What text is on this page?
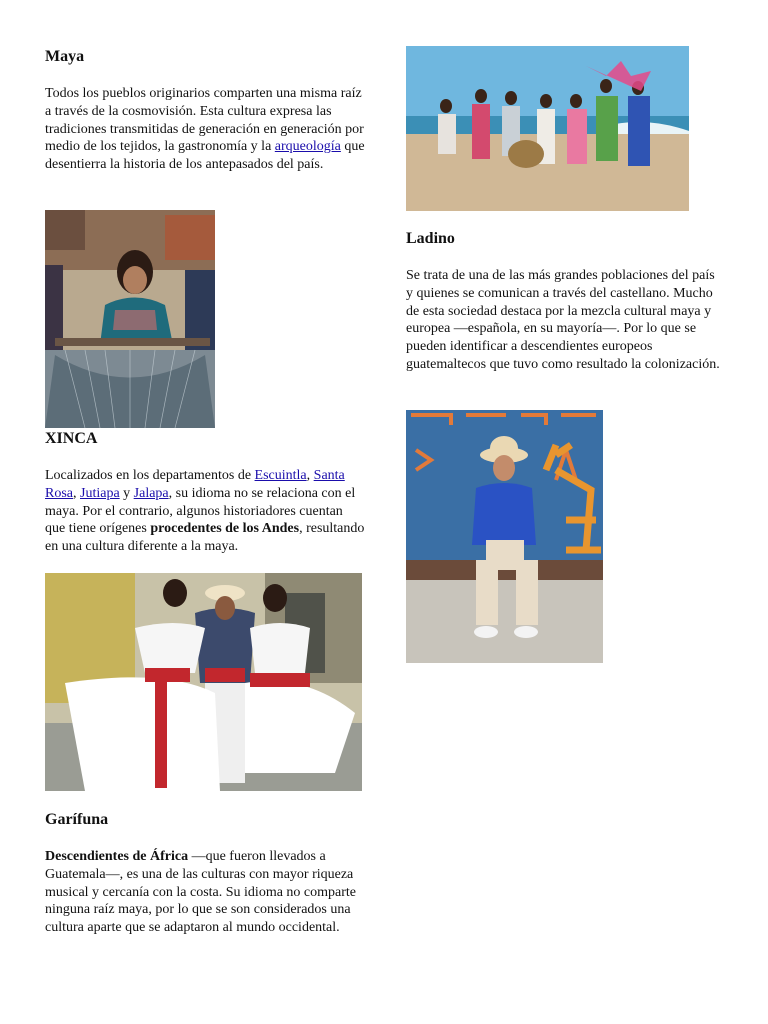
Maya

Todos los pueblos originarios comparten una misma raíz a través de la cosmovisión. Esta cultura expresa las tradiciones transmitidas de generación en generación por medio de los tejidos, la gastronomía y la arqueología que desentierra la historia de los antepasados del país.

XINCA

Localizados en los departamentos de Escuintla, Santa Rosa, Jutiapa y Jalapa, su idioma no se relaciona con el maya. Por el contrario, algunos historiadores cuentan que tiene orígenes procedentes de los Andes, resultando en una cultura diferente a la maya.

Garífuna

Descendientes de África —que fueron llevados a Guatemala—, es una de las culturas con mayor riqueza musical y cercanía con la costa. Su idioma no comparte ninguna raíz maya, por lo que se son considerados una cultura aparte que se adaptaron al mundo occidental.

Ladino

Se trata de una de las más grandes poblaciones del país y quienes se comunican a través del castellano. Mucho de esta sociedad destaca por la mezcla cultural maya y europea —española, en su mayoría—. Por lo que se pueden identificar a descendientes europeos guatemaltecos que tuvo como resultado la colonización.
